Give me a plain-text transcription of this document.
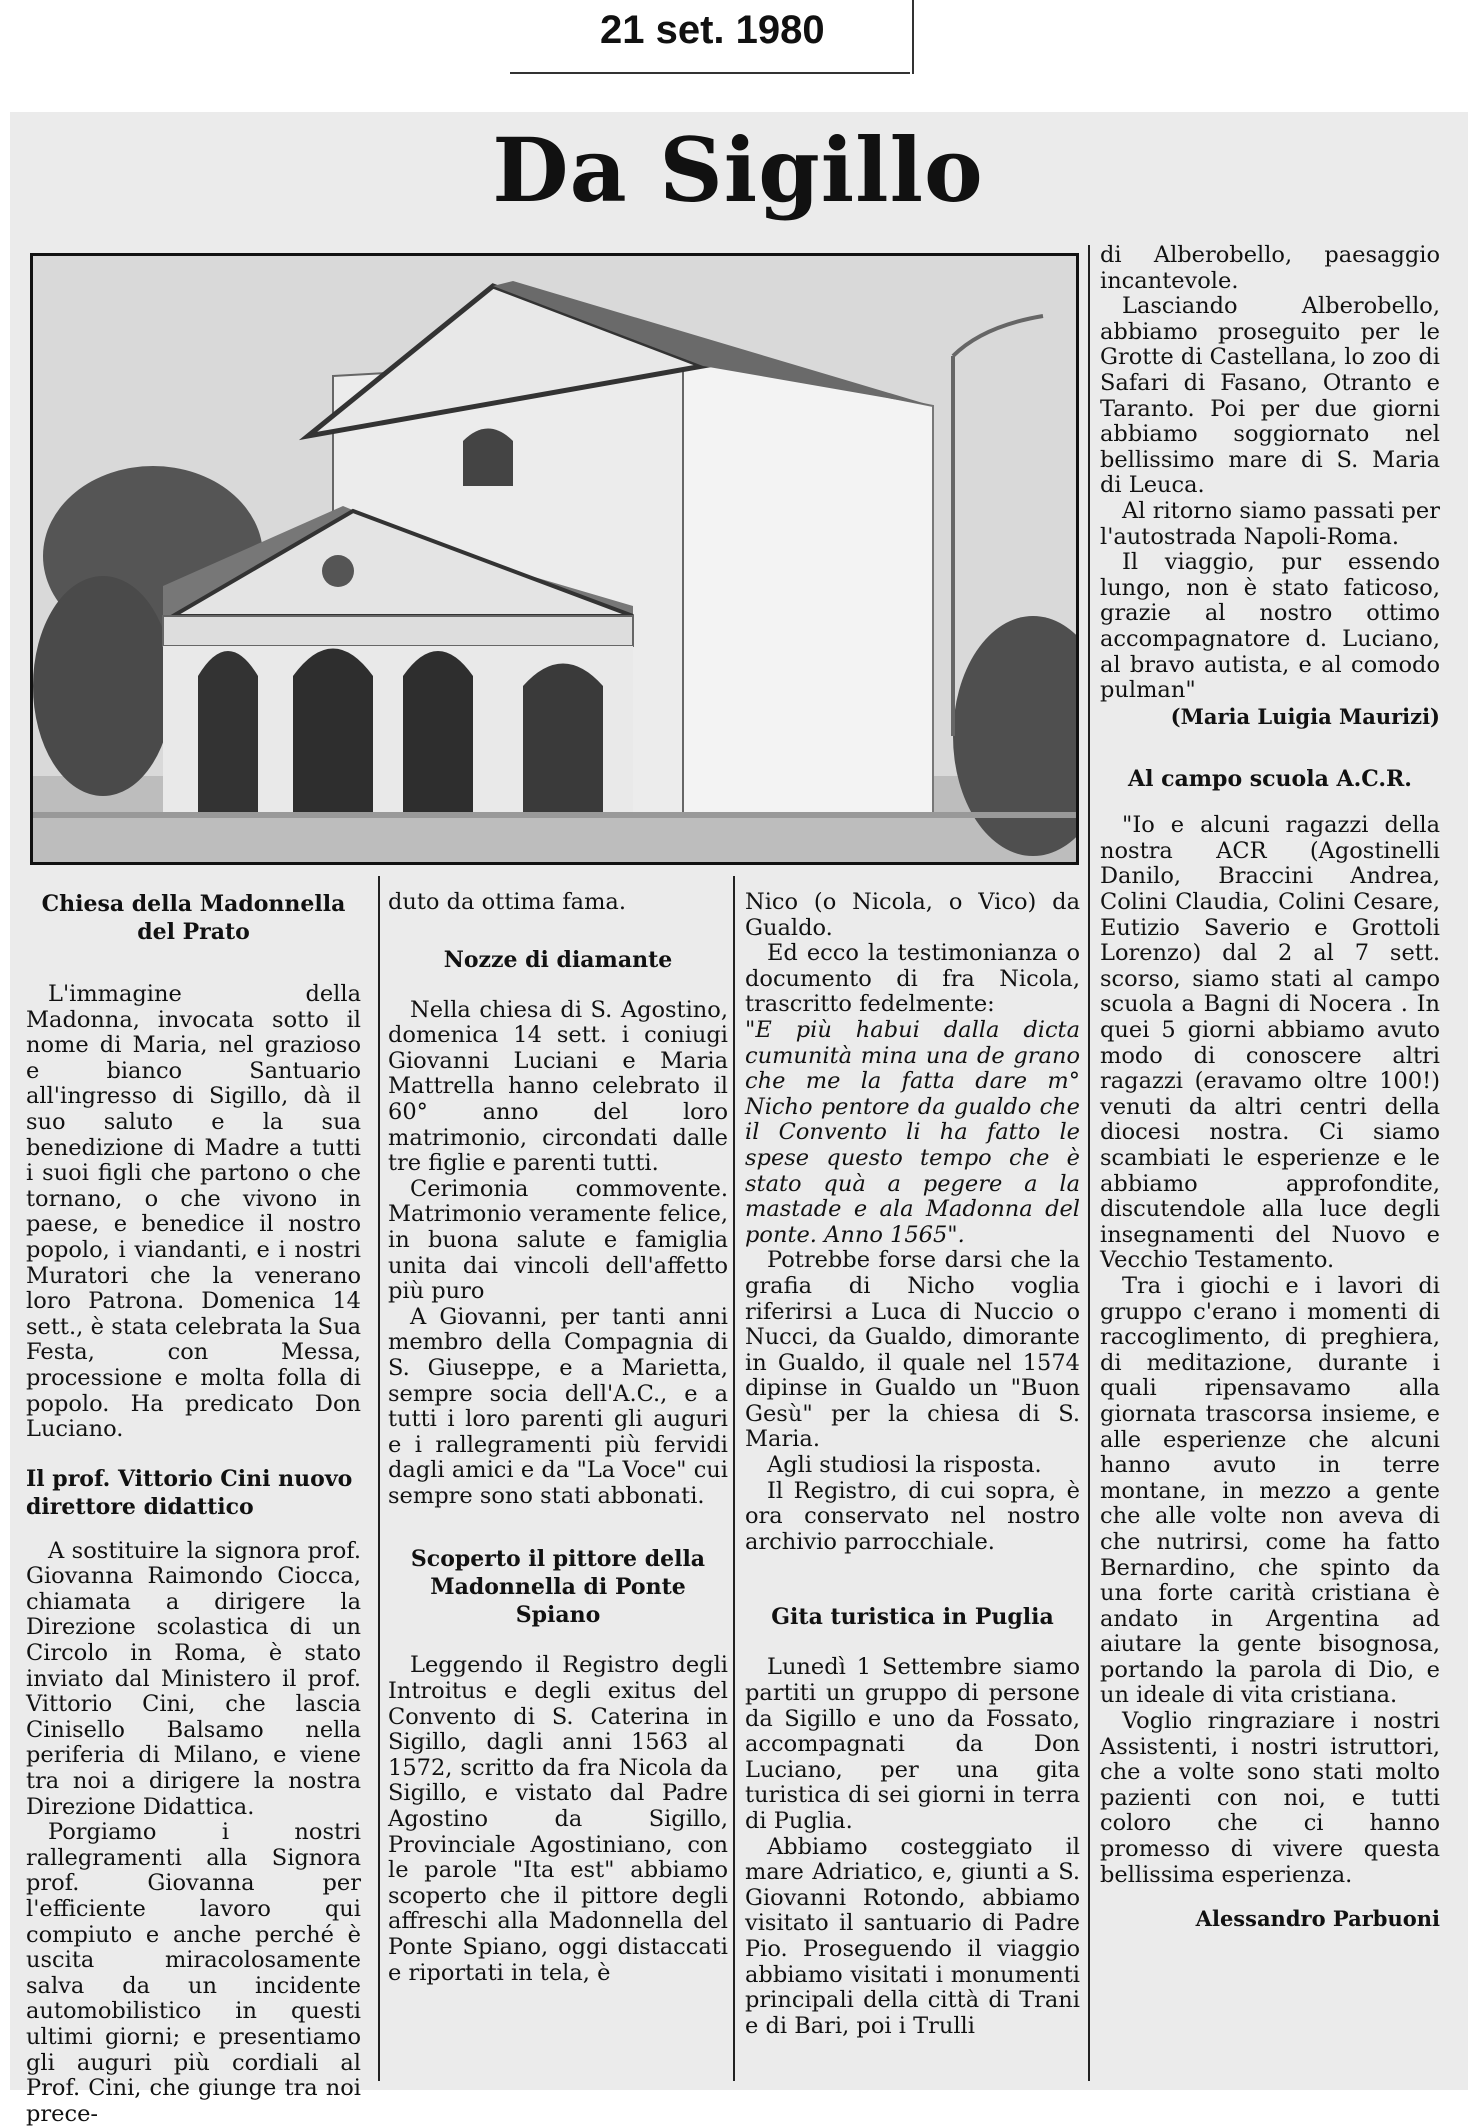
21 set. 1980
Da Sigillo
Chiesa della Madonnella
del Prato

L'immagine della Madonna, invocata sotto il nome di Maria, nel grazioso e bianco Santuario all'ingresso di Sigillo, dà il suo saluto e la sua benedizione di Madre a tutti i suoi figli che partono o che tornano, o che vivono in paese, e benedice il nostro popolo, i viandanti, e i nostri Muratori che la venerano loro Patrona. Domenica 14 sett., è stata celebrata la Sua Festa, con Messa, processione e molta folla di popolo. Ha predicato Don Luciano.

Il prof. Vittorio Cini nuovo direttore didattico

A sostituire la signora prof. Giovanna Raimondo Ciocca, chiamata a dirigere la Direzione scolastica di un Circolo in Roma, è stato inviato dal Ministero il prof. Vittorio Cini, che lascia Cinisello Balsamo nella periferia di Milano, e viene tra noi a dirigere la nostra Direzione Didattica.

Porgiamo i nostri rallegramenti alla Signora prof. Giovanna per l'efficiente lavoro qui compiuto e anche perché è uscita miracolosamente salva da un incidente automobilistico in questi ultimi giorni; e presentiamo gli auguri più cordiali al Prof. Cini, che giunge tra noi prece-

duto da ottima fama.

Nozze di diamante

Nella chiesa di S. Agostino, domenica 14 sett. i coniugi Giovanni Luciani e Maria Mattrella hanno celebrato il 60° anno del loro matrimonio, circondati dalle tre figlie e parenti tutti.

Cerimonia commovente. Matrimonio veramente felice, in buona salute e famiglia unita dai vincoli dell'affetto più puro

A Giovanni, per tanti anni membro della Compagnia di S. Giuseppe, e a Marietta, sempre socia dell'A.C., e a tutti i loro parenti gli auguri e i rallegramenti più fervidi dagli amici e da "La Voce" cui sempre sono stati abbonati.

Scoperto il pittore della Madonnella di Ponte Spiano

Leggendo il Registro degli Introitus e degli exitus del Convento di S. Caterina in Sigillo, dagli anni 1563 al 1572, scritto da fra Nicola da Sigillo, e vistato dal Padre Agostino da Sigillo, Provinciale Agostiniano, con le parole "Ita est" abbiamo scoperto che il pittore degli affreschi alla Madonnella del Ponte Spiano, oggi distaccati e riportati in tela, è

Nico (o Nicola, o Vico) da Gualdo.

Ed ecco la testimonianza o documento di fra Nicola, trascritto fedelmente:

"E più habui dalla dicta cumunità mina una de grano che me la fatta dare m° Nicho pentore da gualdo che il Convento li ha fatto le spese questo tempo che è stato quà a pegere a la mastade e ala Madonna del ponte. Anno 1565".

Potrebbe forse darsi che la grafia di Nicho voglia riferirsi a Luca di Nuccio o Nucci, da Gualdo, dimorante in Gualdo, il quale nel 1574 dipinse in Gualdo un "Buon Gesù" per la chiesa di S. Maria.

Agli studiosi la risposta.

Il Registro, di cui sopra, è ora conservato nel nostro archivio parrocchiale.

Gita turistica in Puglia

Lunedì 1 Settembre siamo partiti un gruppo di persone da Sigillo e uno da Fossato, accompagnati da Don Luciano, per una gita turistica di sei giorni in terra di Puglia.

Abbiamo costeggiato il mare Adriatico, e, giunti a S. Giovanni Rotondo, abbiamo visitato il santuario di Padre Pio. Proseguendo il viaggio abbiamo visitati i monumenti principali della città di Trani e di Bari, poi i Trulli

di Alberobello, paesaggio incantevole.

Lasciando Alberobello, abbiamo proseguito per le Grotte di Castellana, lo zoo di Safari di Fasano, Otranto e Taranto. Poi per due giorni abbiamo soggiornato nel bellissimo mare di S. Maria di Leuca.

Al ritorno siamo passati per l'autostrada Napoli-Roma.

Il viaggio, pur essendo lungo, non è stato faticoso, grazie al nostro ottimo accompagnatore d. Luciano, al bravo autista, e al comodo pulman"

(Maria Luigia Maurizi)
Al campo scuola A.C.R.

"Io e alcuni ragazzi della nostra ACR (Agostinelli Danilo, Braccini Andrea, Colini Claudia, Colini Cesare, Eutizio Saverio e Grottoli Lorenzo) dal 2 al 7 sett. scorso, siamo stati al campo scuola a Bagni di Nocera . In quei 5 giorni abbiamo avuto modo di conoscere altri ragazzi (eravamo oltre 100!) venuti da altri centri della diocesi nostra. Ci siamo scambiati le esperienze e le abbiamo approfondite, discutendole alla luce degli insegnamenti del Nuovo e Vecchio Testamento.

Tra i giochi e i lavori di gruppo c'erano i momenti di raccoglimento, di preghiera, di meditazione, durante i quali ripensavamo alla giornata trascorsa insieme, e alle esperienze che alcuni hanno avuto in terre montane, in mezzo a gente che alle volte non aveva di che nutrirsi, come ha fatto Bernardino, che spinto da una forte carità cristiana è andato in Argentina ad aiutare la gente bisognosa, portando la parola di Dio, e un ideale di vita cristiana.

Voglio ringraziare i nostri Assistenti, i nostri istruttori, che a volte sono stati molto pazienti con noi, e tutti coloro che ci hanno promesso di vivere questa bellissima esperienza.

Alessandro Parbuoni
